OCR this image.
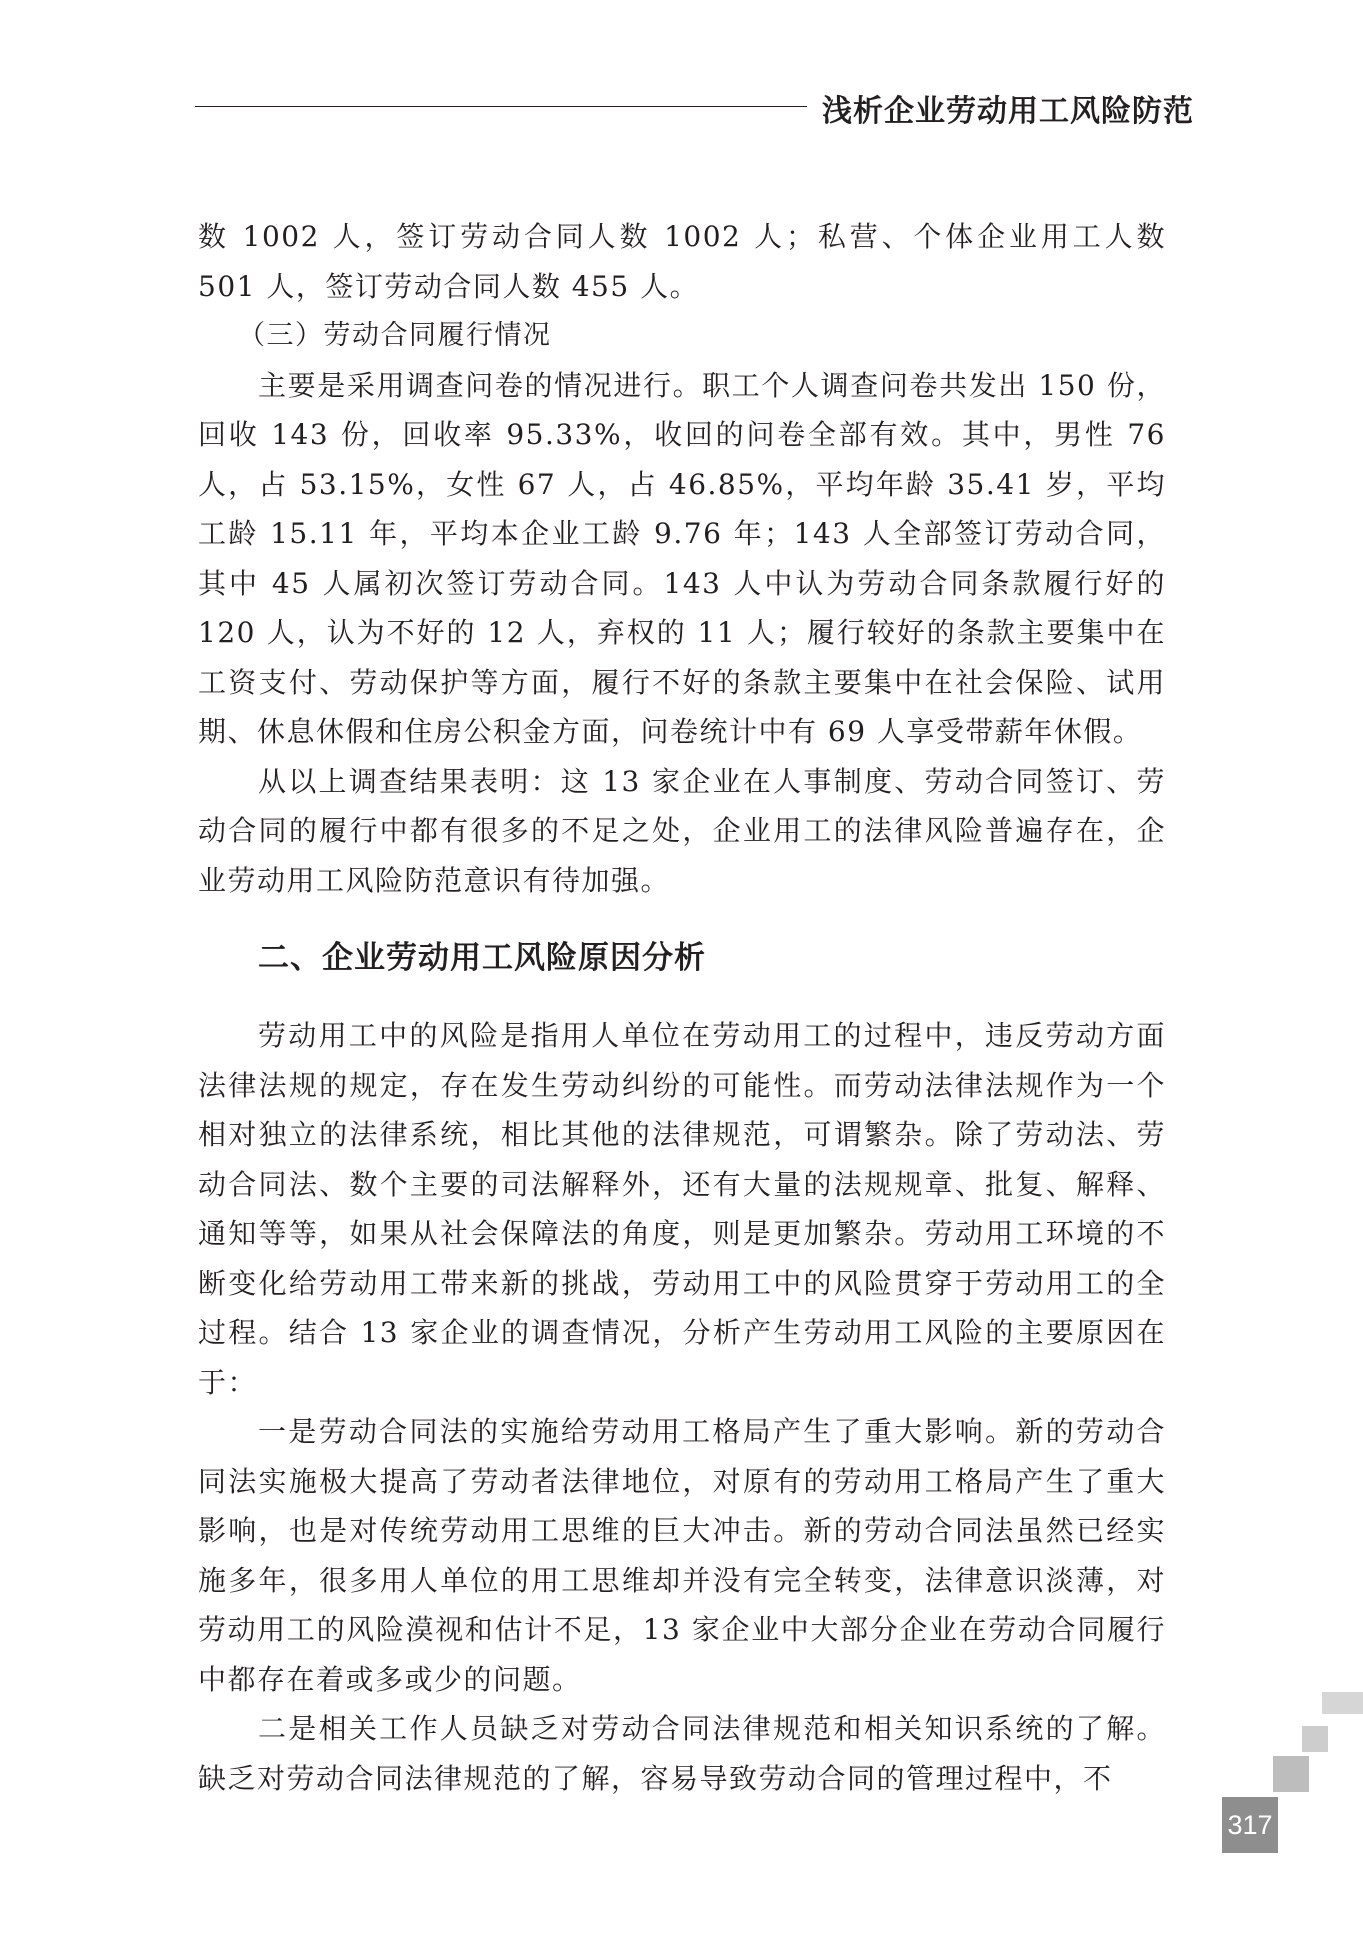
浅析企业劳动用工风险防范

数 1002 人，签订劳动合同人数 1002 人；私营、个体企业用工人数 501 人，签订劳动合同人数 455 人。

（三）劳动合同履行情况

主要是采用调查问卷的情况进行。职工个人调查问卷共发出 150 份，回收 143 份，回收率 95.33%，收回的问卷全部有效。其中，男性 76 人，占 53.15%，女性 67 人，占 46.85%，平均年龄 35.41 岁，平均工龄 15.11 年，平均本企业工龄 9.76 年；143 人全部签订劳动合同，其中 45 人属初次签订劳动合同。143 人中认为劳动合同条款履行好的 120 人，认为不好的 12 人，弃权的 11 人；履行较好的条款主要集中在工资支付、劳动保护等方面，履行不好的条款主要集中在社会保险、试用期、休息休假和住房公积金方面，问卷统计中有 69 人享受带薪年休假。

从以上调查结果表明：这 13 家企业在人事制度、劳动合同签订、劳动合同的履行中都有很多的不足之处，企业用工的法律风险普遍存在，企业劳动用工风险防范意识有待加强。

二、企业劳动用工风险原因分析

劳动用工中的风险是指用人单位在劳动用工的过程中，违反劳动方面法律法规的规定，存在发生劳动纠纷的可能性。而劳动法律法规作为一个相对独立的法律系统，相比其他的法律规范，可谓繁杂。除了劳动法、劳动合同法、数个主要的司法解释外，还有大量的法规规章、批复、解释、通知等等，如果从社会保障法的角度，则是更加繁杂。劳动用工环境的不断变化给劳动用工带来新的挑战，劳动用工中的风险贯穿于劳动用工的全过程。结合 13 家企业的调查情况，分析产生劳动用工风险的主要原因在于：

一是劳动合同法的实施给劳动用工格局产生了重大影响。新的劳动合同法实施极大提高了劳动者法律地位，对原有的劳动用工格局产生了重大影响，也是对传统劳动用工思维的巨大冲击。新的劳动合同法虽然已经实施多年，很多用人单位的用工思维却并没有完全转变，法律意识淡薄，对劳动用工的风险漠视和估计不足，13 家企业中大部分企业在劳动合同履行中都存在着或多或少的问题。

二是相关工作人员缺乏对劳动合同法律规范和相关知识系统的了解。缺乏对劳动合同法律规范的了解，容易导致劳动合同的管理过程中，不

317
